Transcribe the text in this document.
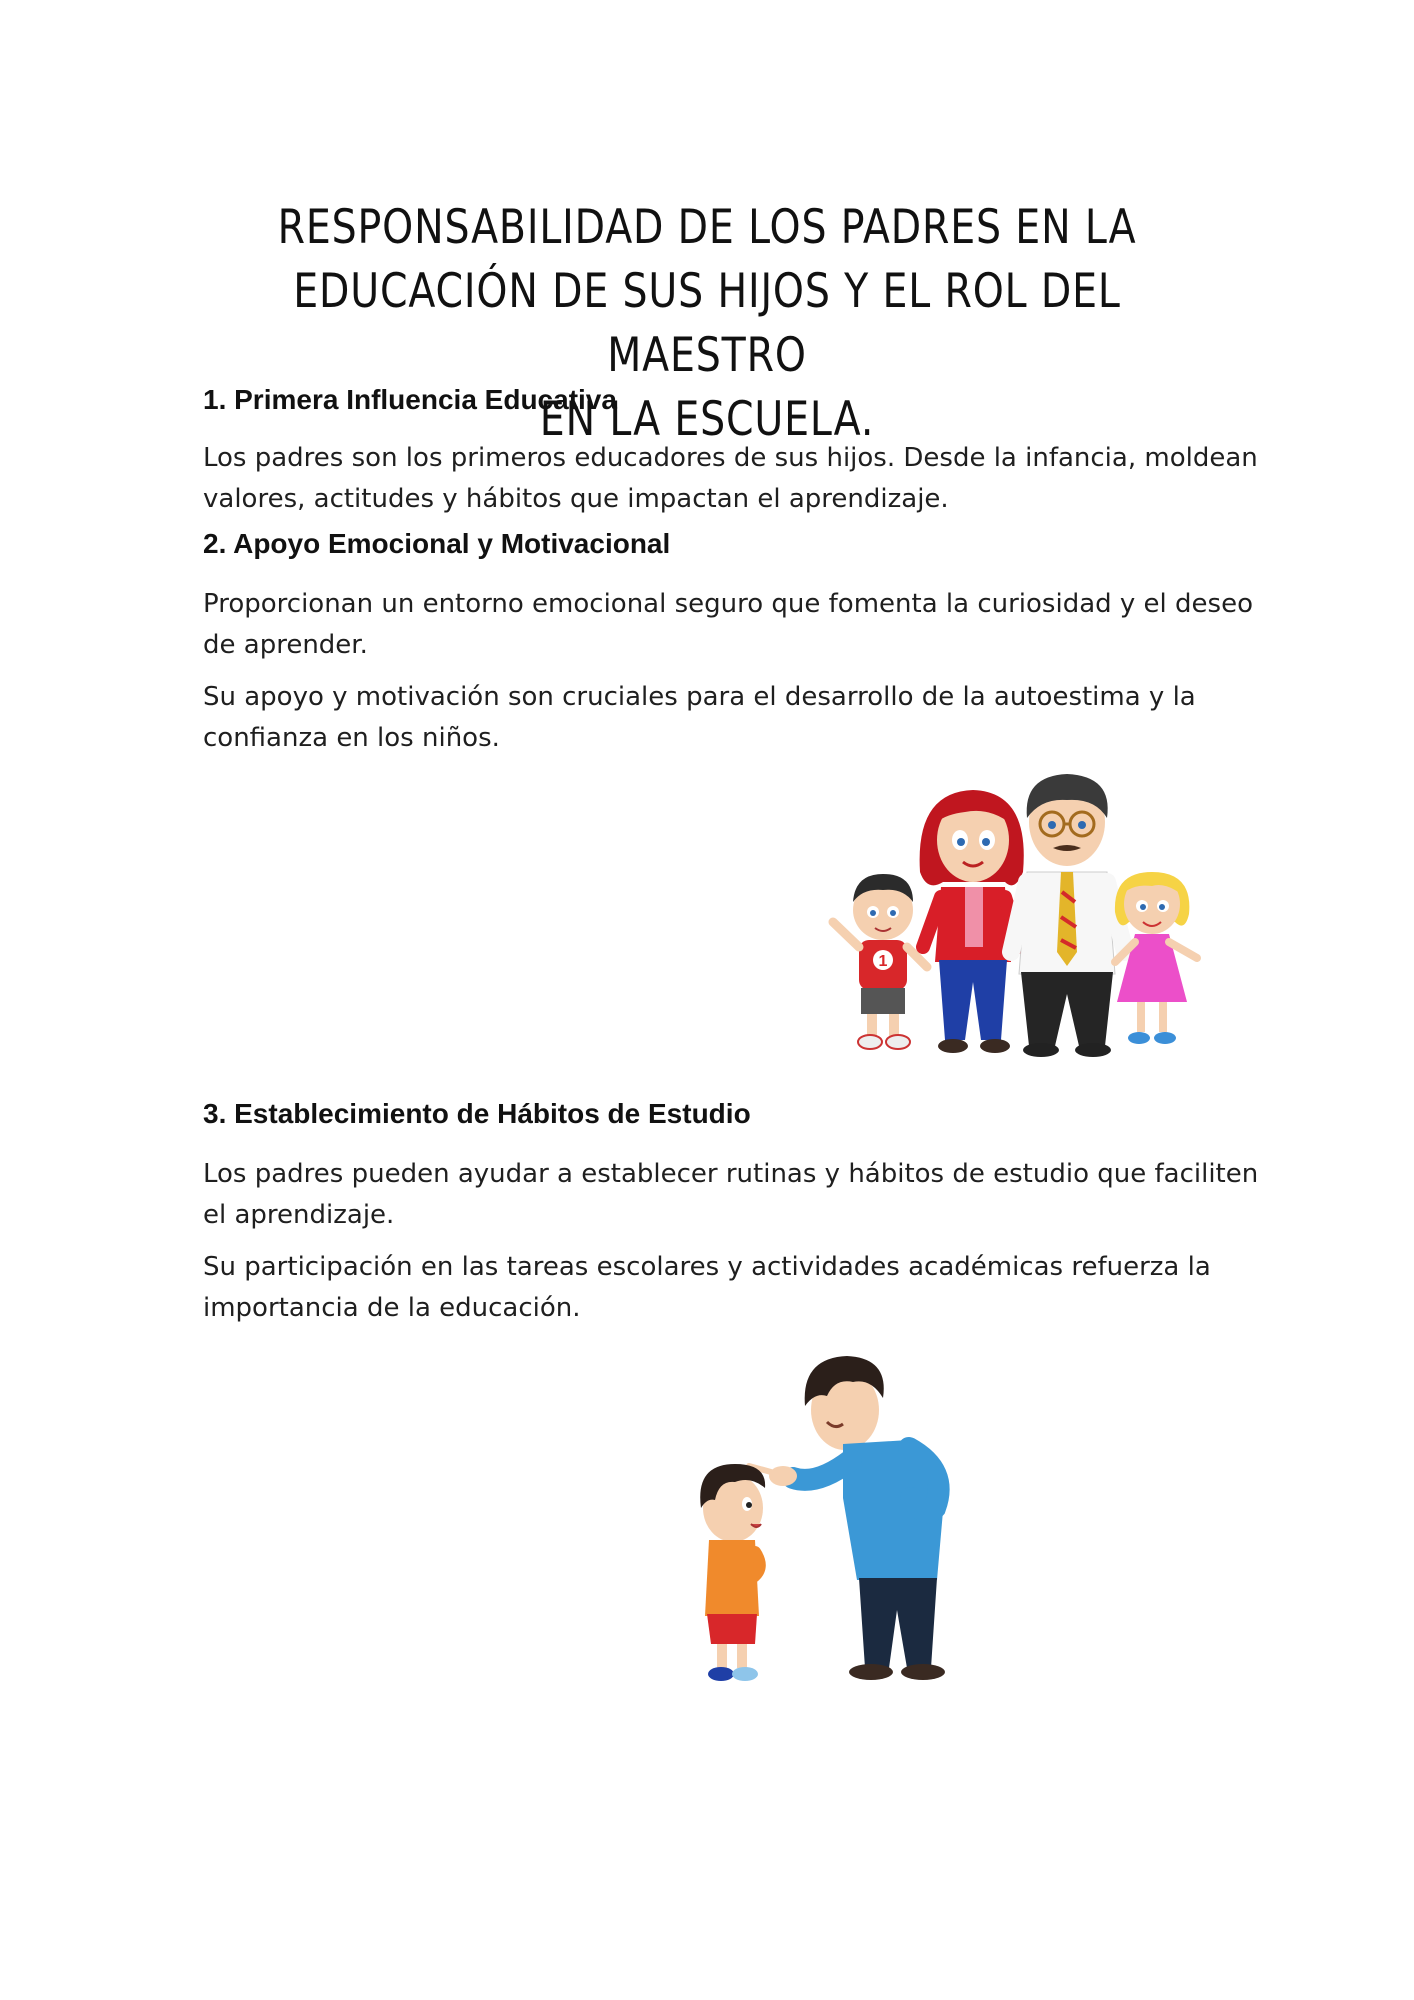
RESPONSABILIDAD DE LOS PADRES EN LA
EDUCACIÓN DE SUS HIJOS Y EL ROL DEL MAESTRO
EN LA ESCUELA.
1. Primera Influencia Educativa

Los padres son los primeros educadores de sus hijos. Desde la infancia, moldean valores, actitudes y hábitos que impactan el aprendizaje.

2. Apoyo Emocional y Motivacional

Proporcionan un entorno emocional seguro que fomenta la curiosidad y el deseo de aprender.

Su apoyo y motivación son cruciales para el desarrollo de la autoestima y la confianza en los niños.

1
3. Establecimiento de Hábitos de Estudio

Los padres pueden ayudar a establecer rutinas y hábitos de estudio que faciliten el aprendizaje.

Su participación en las tareas escolares y actividades académicas refuerza la importancia de la educación.
